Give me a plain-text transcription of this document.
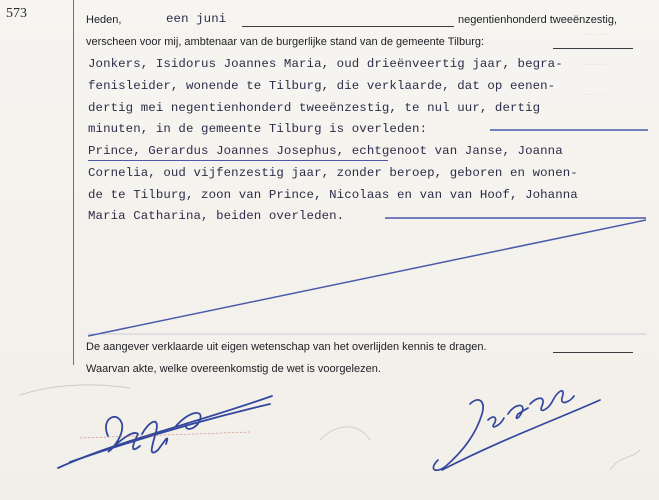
··· ·····
········
··· ····
573	Heden,	een juni	negentienhonderd tweeënzestig,
verscheen voor mij, ambtenaar van de burgerlijke stand van de gemeente Tilburg:
Jonkers, Isidorus Joannes Maria, oud drieënveertig jaar, begra-
fenisleider, wonende te Tilburg, die verklaarde, dat op eenen-
dertig mei negentienhonderd tweeënzestig, te nul uur, dertig
minuten, in de gemeente Tilburg is overleden:
Prince, Gerardus Joannes Josephus, echtgenoot van Janse, Joanna
Cornelia, oud vijfenzestig jaar, zonder beroep, geboren en wonen-
de te Tilburg, zoon van Prince, Nicolaas en van van Hoof, Johanna
Maria Catharina, beiden overleden.
De aangever verklaarde uit eigen wetenschap van het overlijden kennis te dragen.
Waarvan akte, welke overeenkomstig de wet is voorgelezen.
